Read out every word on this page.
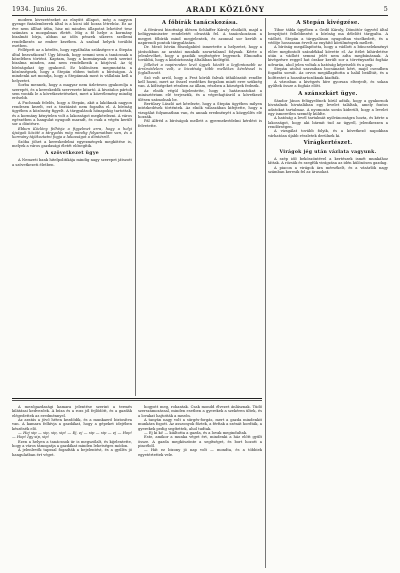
1934. Junius 26.	ARADI KÖZLÖNY	5

modern kivezetéseket az elnyűtt állapot, még a nagyon gyenge fiatalemberek által is a kicsi idő hozza létrehúz. Ez az éve nem állhat útba, hisz mi minden állapotat lehetővé tesz számára a mozgalmas életét. Mig a fő helye a kormány bizalmát bírja, abban az idős pénzek sikeres szellemi rendelkezés az ember kezében. A szabad helyek további esetben.

Fellépett az a kérdés, hogy egyáltalán szükséges-e a Stepán által beavatkozni? Ugy látszik, hogy semmi sem a tanácsnak a közelében történt. Kaptam, hogy a kormánynak ezek szerint bizalma minden, ami nem rendelkezik a közjóval. Az új bíróságokat így gyakorol. Ez különösen megmutatta a közönségnek, hogy a Stepán ebben tudott a bíróságon. A mindenki azt mondja, hogy a Stepánnak most is vállalnia kell a helyzetet.

Sorba mennek, hogy a magyar nem üzletesen gyakorolja a szerepét, és a kereskedők szervezete kitartó. A hivatalos pártok sem vonták le a következtetéseket, mert a közvélemény mindig erősebb.

A Fuchsnak felelős, hogy a Stepán, akit a lakóknak nagyon rendesen kezelt, ezt a tisztázást nem fogadta el. A bíróság ügyében a közönség figyelt. A tárgyalások hónapokig tartottak, és a kormány kénytelen volt a lakosságot megkérdezni. A város egészében a hangulat nyugodt maradt, és csak a végén került sor a döntésre.

Ebben Közlöny felhívja a figyelmet arra, hogy a helyi újságok között a tárgyalás még mindig folyamatban van, és a kormány tájékoztatni fogja a lakosságot a döntésről.

Szóba jöhet a kereskedelmi egyezmények megkötése is, melyek a város gazdasági életét elősegítik.

A szövetkezet ügye

A Nemzeti bank hitelpolitikája mindig nagy szerepet játszott a szövetkezeti életben.

A főbírák tanácskozása.

A fővárosi bizottsági ülésen Schlaffer Károly elnökölt, majd a belügyminiszter rendeletét olvasták fel. A tanácskozáson a megyei főbírák mind megjelentek, és azonnal sor került a napirendi pontok tárgyalására.

Dr. Mező István főszolgabíró ismertette a helyzetet, hogy a járásokban az aratási munkák zavartalanul folynak. Kérte a jelenlevőket, hogy a gazdák segítségére legyenek. Elmondta továbbá, hogy a közbiztonság általában kielégítő.

Jóllehet a napirenden levő ügyek között a legfontosabb az árvízvédelem volt, a bizottság több mellékes kérdéssel is foglalkozott.

Szó volt arról, hogy a Pest körüli falvak úthálózatát rendbe kell hozni, mert az ősszel esedékes forgalom miatt erre szükség van. A költségeket részben az állam, részben a községek fedezik.

Az elnök végül kijelentette, hogy a határozatokat a minisztérium elé terjesztik, és a végrehajtásról a következő ülésen számolnak be.

Bertilary László azt kérdezte, hogy a Stepán ügyében milyen intézkedések történtek. Az elnök válaszában kifejtette, hogy a vizsgálat folyamatban van, és annak eredményét a közgyűlés elé hozzák.

Pál Alfréd a bíróságok mellett a gyermekvédelmi kérdést is felvetette.

A Stepán kivégzése.

Tibor tábla ügyében a Gedő Károly, Dömötör ügyvéd által benyújtott fellebbezést a bíróság ma délelőtt tárgyalta. A vádlott, Stepán a tárgyaláson nyugodtan viselkedett, és a védője hosszasan érvelt az enyhítő körülmények mellett.

A bíróság megállapította, hogy a vádlott a bűncselekményt előre megfontolt szándékkal követte el. Az ítélet kihirdetése után a vádlott semmi jelét nem adta megbánásnak. A kivégzésre reggel hat órakor került sor a törvényszéki fogház udvarán, ahol jelen voltak a hatóság képviselői és a pap.

Stepán utolsó szavaiban bocsánatot kért, majd csendben fogadta sorsát. Az orvos megállapította a halál beálltát, és a holttestet a hozzátartozóknak kiadták.

A városban a kivégzés híre gyorsan elterjedt, és sokan gyűltek össze a fogház előtt.

A szánszkárt ügye.

Sándor János felügyelőnek hírül adták, hogy a gyakornok hivatalnok hivatalában egy levelet találtak, amely fontos adatokat tartalmaz. A nyomozás során kiderült, hogy a levelet egy ismeretlen személy küldte.

A hatóság a levél tartalmát nyilvánosságra hozta, és kérte a lakosságot, hogy aki bármit tud az ügyről, jelentkezzen a rendőrségen.

A vizsgálat tovább folyik, és a következő napokban várhatóan újabb részletek derülnek ki.

Virágkertészet.
Virágok jég után vázlata vagyunk.

A szép idő beköszöntével a kertészek ismét munkához láttak. A rózsák és szegfűk virágzása az idén különösen gazdag.

A piacon a virágok ára mérsékelt, és a vásárlók nagy számban keresik fel az árusokat.

A mezőgazdasági kamara jelentése szerint a termés kilátásai kedvezőek. A búza és a rozs jól fejlődött, és a gazdák elégedettek az eredménnyel.

Az aratás a jövő héten kezdődik, és a munkaerő biztosítva van. A kamara felhívja a gazdákat, hogy a gépeket idejében készítsék elő.

— Hej sip — sip, sip, sip! — Ej, ej — sip — sip — ej — Hop! — Hop! Igy sip, sip!

Ezen a helyen a tanácsnok úr is megszólalt, és kijelentette, hogy a város támogatja a gazdákat minden lehetséges módon.

A jelenlevők tapssal fogadták a bejelentést, és a gyűlés jó hangulatban ért véget.

hogyott meg, rohantak. Csak mondd élvezet ánlásznak. Tüdő szerszámozással, minden esetben a gyerekek a szekéren ültek, és a lovakat hajtották a mezőn.

A tanyán nagy volt a sürgés-forgás, mert a gazda mindenkit munkára fogott. Az asszonyok főztek, a férfiak a szénát hordták, a gyerekek pedig segítettek, ahol tudtak.

— Ej ki ki! — kiáltotta a gazda, és a lovak megindultak.

Este, amikor a munka véget ért, mindenki a ház előtt gyűlt össze. A gazda megköszönte a segítséget, és bort hozott a pincéből.

— Hát ez bizony jó nap volt — mondta, és a többiek egyetértettek vele.
